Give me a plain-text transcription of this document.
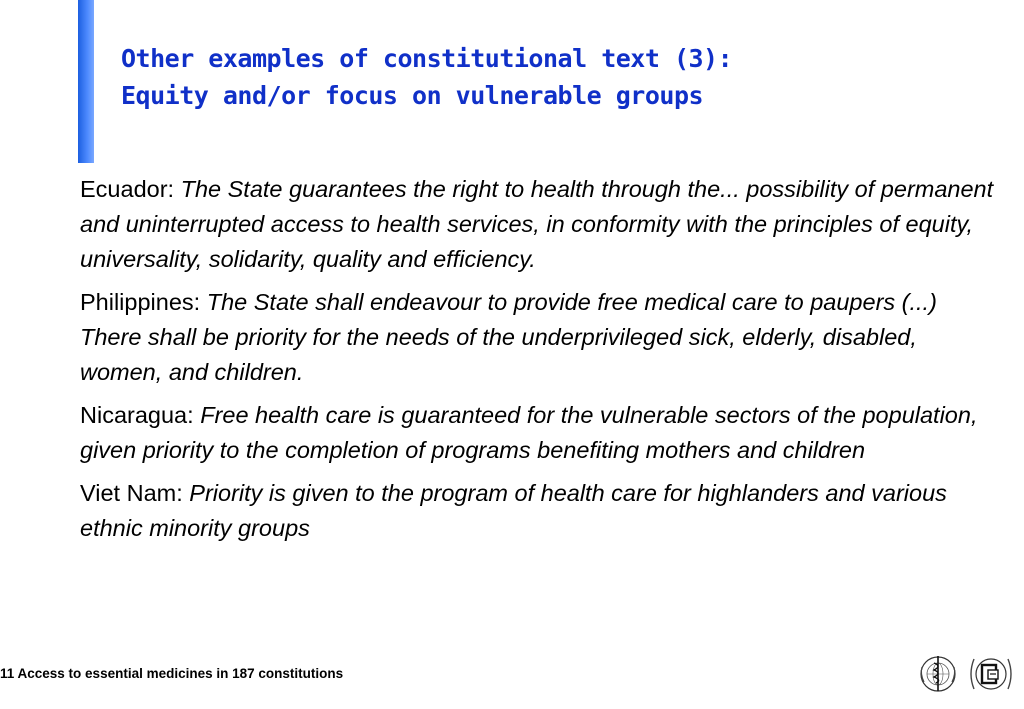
Other examples of constitutional text (3):
Equity and/or focus on vulnerable groups

Ecuador: The State guarantees the right to health through the... possibility of permanent and uninterrupted access to health services, in conformity with the principles of equity, universality, solidarity, quality and efficiency.

Philippines: The State shall endeavour to provide free medical care to paupers (...) There shall be priority for the needs of the underprivileged sick, elderly, disabled, women, and children.

Nicaragua: Free health care is guaranteed for the vulnerable sectors of the population, given priority to the completion of programs benefiting mothers and children

Viet Nam: Priority is given to the program of health care for highlanders and various ethnic minority groups

11 Access to essential medicines in 187 constitutions
